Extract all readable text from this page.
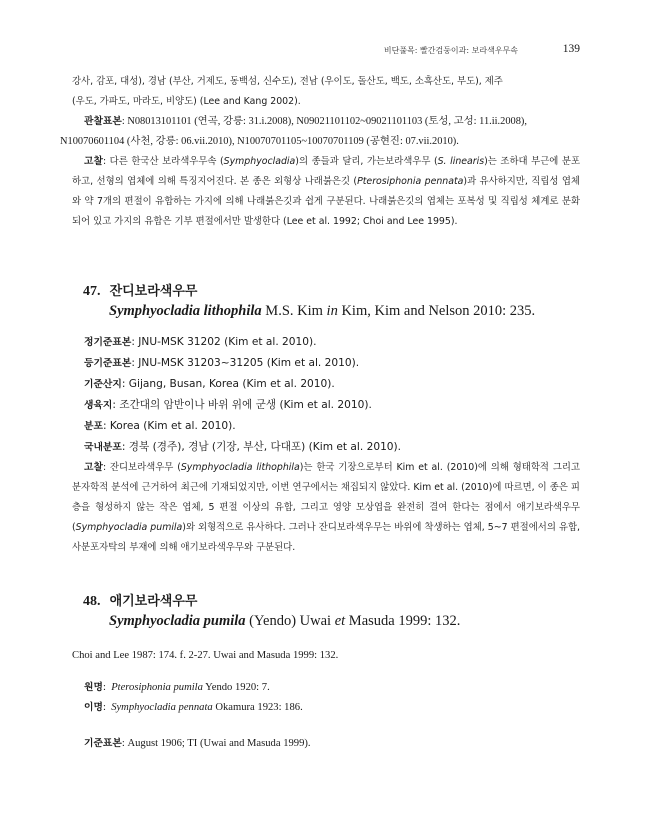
비단풀목: 빨간검둥이과: 보라색우무속	139
강사, 감포, 대성), 경남 (부산, 거제도, 동백섬, 신수도), 전남 (우이도, 돌산도, 백도, 소흑산도, 부도), 제주
(우도, 가파도, 마라도, 비양도) (Lee and Kang 2002).

관찰표본: N08013101101 (연곡, 강릉: 31.i.2008), N09021101102~09021101103 (토성, 고성: 11.ii.2008),
N10070601104 (사천, 강릉: 06.vii.2010), N10070701105~10070701109 (공현진: 07.vii.2010).

고찰: 다른 한국산 보라색우무속 (Symphyocladia)의 종들과 달리, 가는보라색우무 (S. linearis)는 조하대 부근에 분포하고, 선형의 엽체에 의해 특징지어진다. 본 종은 외형상 나래붉은깃 (Pterosiphonia pennata)과 유사하지만, 직립성 엽체와 약 7개의 편절이 유합하는 가지에 의해 나래붉은깃과 쉽게 구분된다. 나래붉은깃의 엽체는 포복성 및 직립성 체계로 분화되어 있고 가지의 유합은 기부 편절에서만 발생한다 (Lee et al. 1992; Choi and Lee 1995).

47. 잔디보라색우무
Symphyocladia lithophila M.S. Kim in Kim, Kim and Nelson 2010: 235.
정기준표본: JNU-MSK 31202 (Kim et al. 2010).
등기준표본: JNU-MSK 31203~31205 (Kim et al. 2010).
기준산지: Gijang, Busan, Korea (Kim et al. 2010).
생육지: 조간대의 암반이나 바위 위에 군생 (Kim et al. 2010).
분포: Korea (Kim et al. 2010).
국내분포: 경북 (경주), 경남 (기장, 부산, 다대포) (Kim et al. 2010).

고찰: 잔디보라색우무 (Symphyocladia lithophila)는 한국 기장으로부터 Kim et al. (2010)에 의해 형태학적 그리고 분자학적 분석에 근거하여 최근에 기재되었지만, 이번 연구에서는 채집되지 않았다. Kim et al. (2010)에 따르면, 이 종은 피층을 형성하지 않는 작은 엽체, 5 편절 이상의 유합, 그리고 영양 모상엽을 완전히 결여 한다는 점에서 애기보라색우무 (Symphyocladia pumila)와 외형적으로 유사하다. 그러나 잔디보라색우무는 바위에 착생하는 엽체, 5~7 편절에서의 유합, 사분포자탁의 부재에 의해 애기보라색우무와 구분된다.

48. 애기보라색우무
Symphyocladia pumila (Yendo) Uwai et Masuda 1999: 132.
Choi and Lee 1987: 174. f. 2-27. Uwai and Masuda 1999: 132.
원명:  Pterosiphonia pumila Yendo 1920: 7.
이명:  Symphyocladia pennata Okamura 1923: 186.
기준표본: August 1906; TI (Uwai and Masuda 1999).
